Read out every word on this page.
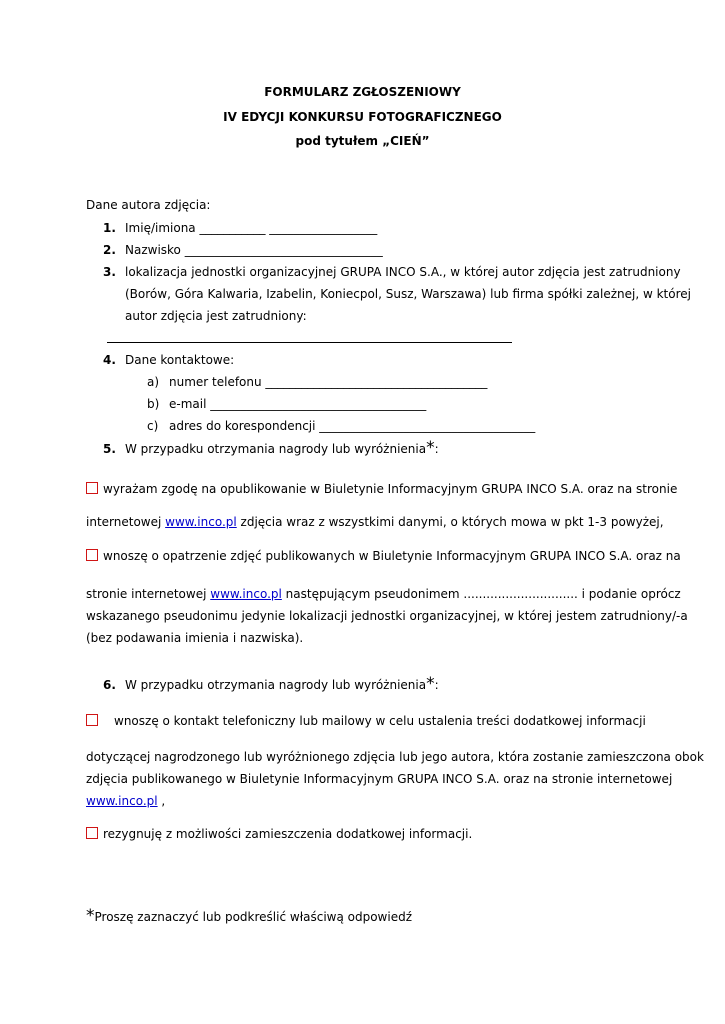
FORMULARZ ZGŁOSZENIOWY
IV EDYCJI KONKURSU FOTOGRAFICZNEGO
pod tytułem „CIEŃ”
Dane autora zdjęcia:
1. Imię/imiona ___________ __________________
2. Nazwisko _________________________________
3. lokalizacja jednostki organizacyjnej GRUPA INCO S.A., w której autor zdjęcia jest zatrudniony
(Borów, Góra Kalwaria, Izabelin, Koniecpol, Susz, Warszawa) lub firma spółki zależnej, w której
autor zdjęcia jest zatrudniony:
4. Dane kontaktowe:
a) numer telefonu _____________________________________
b) e-mail ____________________________________
c) adres do korespondencji ____________________________________
5. W przypadku otrzymania nagrody lub wyróżnienia*:
wyrażam zgodę na opublikowanie w Biuletynie Informacyjnym GRUPA INCO S.A. oraz na stronie
internetowej www.inco.pl zdjęcia wraz z wszystkimi danymi, o których mowa w pkt 1-3 powyżej,
wnoszę o opatrzenie zdjęć publikowanych w Biuletynie Informacyjnym GRUPA INCO S.A. oraz na
stronie internetowej www.inco.pl następującym pseudonimem .............................. i podanie oprócz
wskazanego pseudonimu jedynie lokalizacji jednostki organizacyjnej, w której jestem zatrudniony/-a
(bez podawania imienia i nazwiska).
6. W przypadku otrzymania nagrody lub wyróżnienia*:
wnoszę o kontakt telefoniczny lub mailowy w celu ustalenia treści dodatkowej informacji
dotyczącej nagrodzonego lub wyróżnionego zdjęcia lub jego autora, która zostanie zamieszczona obok
zdjęcia publikowanego w Biuletynie Informacyjnym GRUPA INCO S.A. oraz na stronie internetowej
www.inco.pl ,
rezygnuję z możliwości zamieszczenia dodatkowej informacji.
*Proszę zaznaczyć lub podkreślić właściwą odpowiedź
